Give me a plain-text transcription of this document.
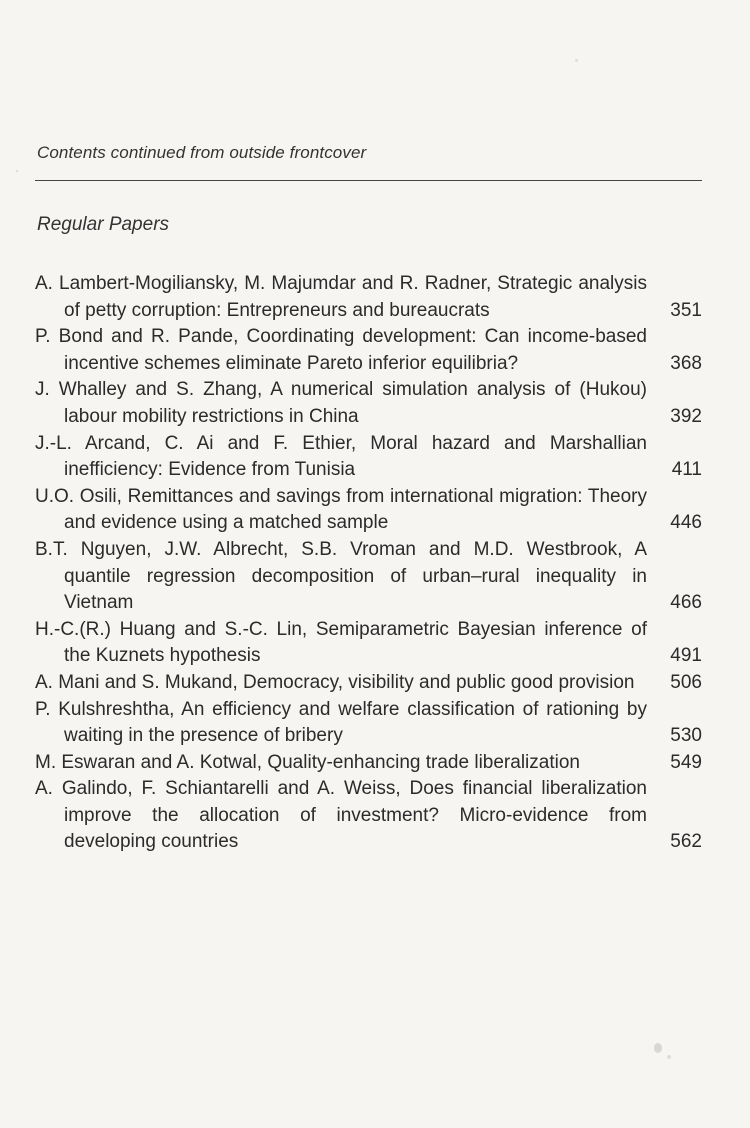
Contents continued from outside frontcover
Regular Papers
A. Lambert-Mogiliansky, M. Majumdar and R. Radner, Strategic analysis of petty corruption: Entrepreneurs and bureaucrats	351
P. Bond and R. Pande, Coordinating development: Can income-based incentive schemes eliminate Pareto inferior equilibria?	368
J. Whalley and S. Zhang, A numerical simulation analysis of (Hukou) labour mobility restrictions in China	392
J.-L. Arcand, C. Ai and F. Ethier, Moral hazard and Marshallian inefficiency: Evidence from Tunisia	411
U.O. Osili, Remittances and savings from international migration: Theory and evidence using a matched sample	446
B.T. Nguyen, J.W. Albrecht, S.B. Vroman and M.D. Westbrook, A quantile regression decomposition of urban–rural inequality in Vietnam	466
H.-C.(R.) Huang and S.-C. Lin, Semiparametric Bayesian inference of the Kuznets hypothesis	491
A. Mani and S. Mukand, Democracy, visibility and public good provision	506
P. Kulshreshtha, An efficiency and welfare classification of rationing by waiting in the presence of bribery	530
M. Eswaran and A. Kotwal, Quality-enhancing trade liberalization	549
A. Galindo, F. Schiantarelli and A. Weiss, Does financial liberalization improve the allocation of investment? Micro-evidence from developing countries	562
